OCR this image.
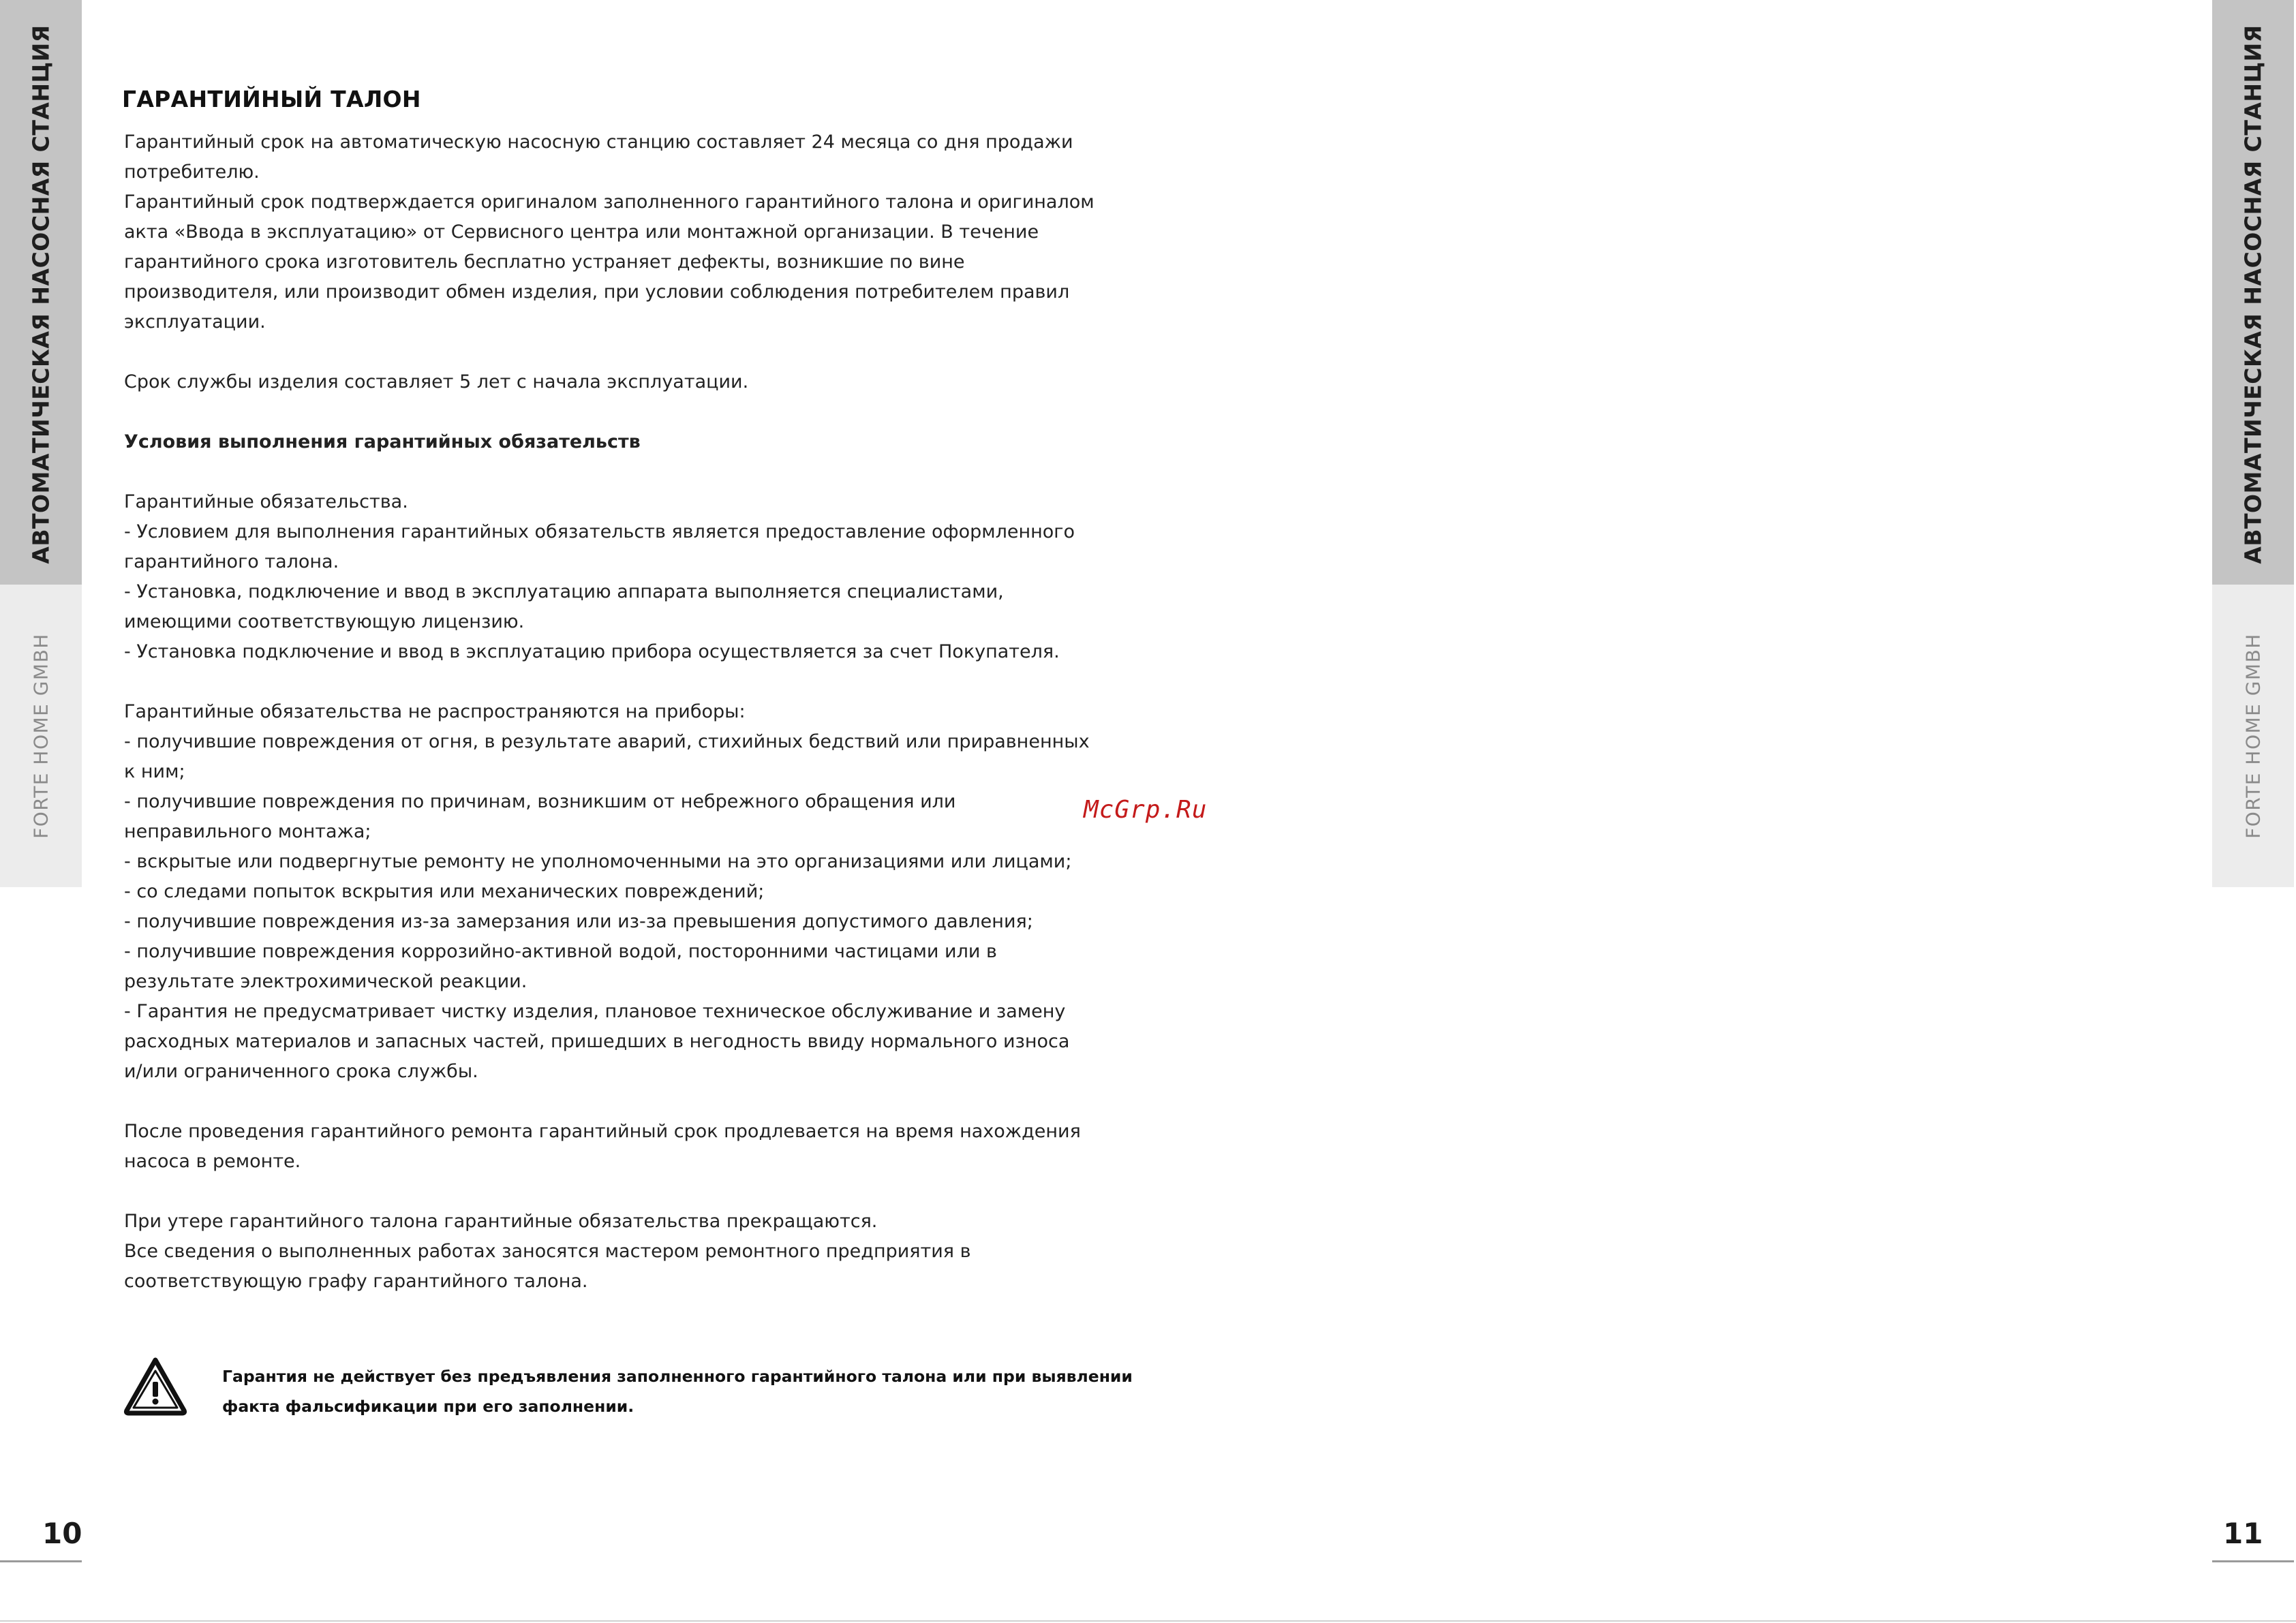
АВТОМАТИЧЕСКАЯ НАСОСНАЯ СТАНЦИЯ
FORTE HOME GMBH
АВТОМАТИЧЕСКАЯ НАСОСНАЯ СТАНЦИЯ
FORTE HOME GMBH
ГАРАНТИЙНЫЙ ТАЛОН
Гарантийный срок на автоматическую насосную станцию составляет 24 месяца со дня продажи
потребителю.
Гарантийный срок подтверждается оригиналом заполненного гарантийного талона и оригиналом
акта «Ввода в эксплуатацию» от Сервисного центра или монтажной организации. В течение
гарантийного срока изготовитель бесплатно устраняет дефекты, возникшие по вине
производителя, или производит обмен изделия, при условии соблюдения потребителем правил
эксплуатации.
Срок службы изделия составляет 5 лет с начала эксплуатации.
Условия выполнения гарантийных обязательств
Гарантийные обязательства.
- Условием для выполнения гарантийных обязательств является предоставление оформленного
гарантийного талона.
- Установка, подключение и ввод в эксплуатацию аппарата выполняется специалистами,
имеющими соответствующую лицензию.
- Установка подключение и ввод в эксплуатацию прибора осуществляется за счет Покупателя.
Гарантийные обязательства не распространяются на приборы:
- получившие повреждения от огня, в результате аварий, стихийных бедствий или приравненных
к ним;
- получившие повреждения по причинам, возникшим от небрежного обращения или
неправильного монтажа;
- вскрытые или подвергнутые ремонту не уполномоченными на это организациями или лицами;
- со следами попыток вскрытия или механических повреждений;
- получившие повреждения из-за замерзания или из-за превышения допустимого давления;
- получившие повреждения коррозийно-активной водой, посторонними частицами или в
результате электрохимической реакции.
- Гарантия не предусматривает чистку изделия, плановое техническое обслуживание и замену
расходных материалов и запасных частей, пришедших в негодность ввиду нормального износа
и/или ограниченного срока службы.
После проведения гарантийного ремонта гарантийный срок продлевается на время нахождения
насоса в ремонте.
При утере гарантийного талона гарантийные обязательства прекращаются.
Все сведения о выполненных работах заносятся мастером ремонтного предприятия в
соответствующую графу гарантийного талона.
Гарантия не действует без предъявления заполненного гарантийного талона или при выявлении
факта фальсификации при его заполнении.
McGrp.Ru
10	11
